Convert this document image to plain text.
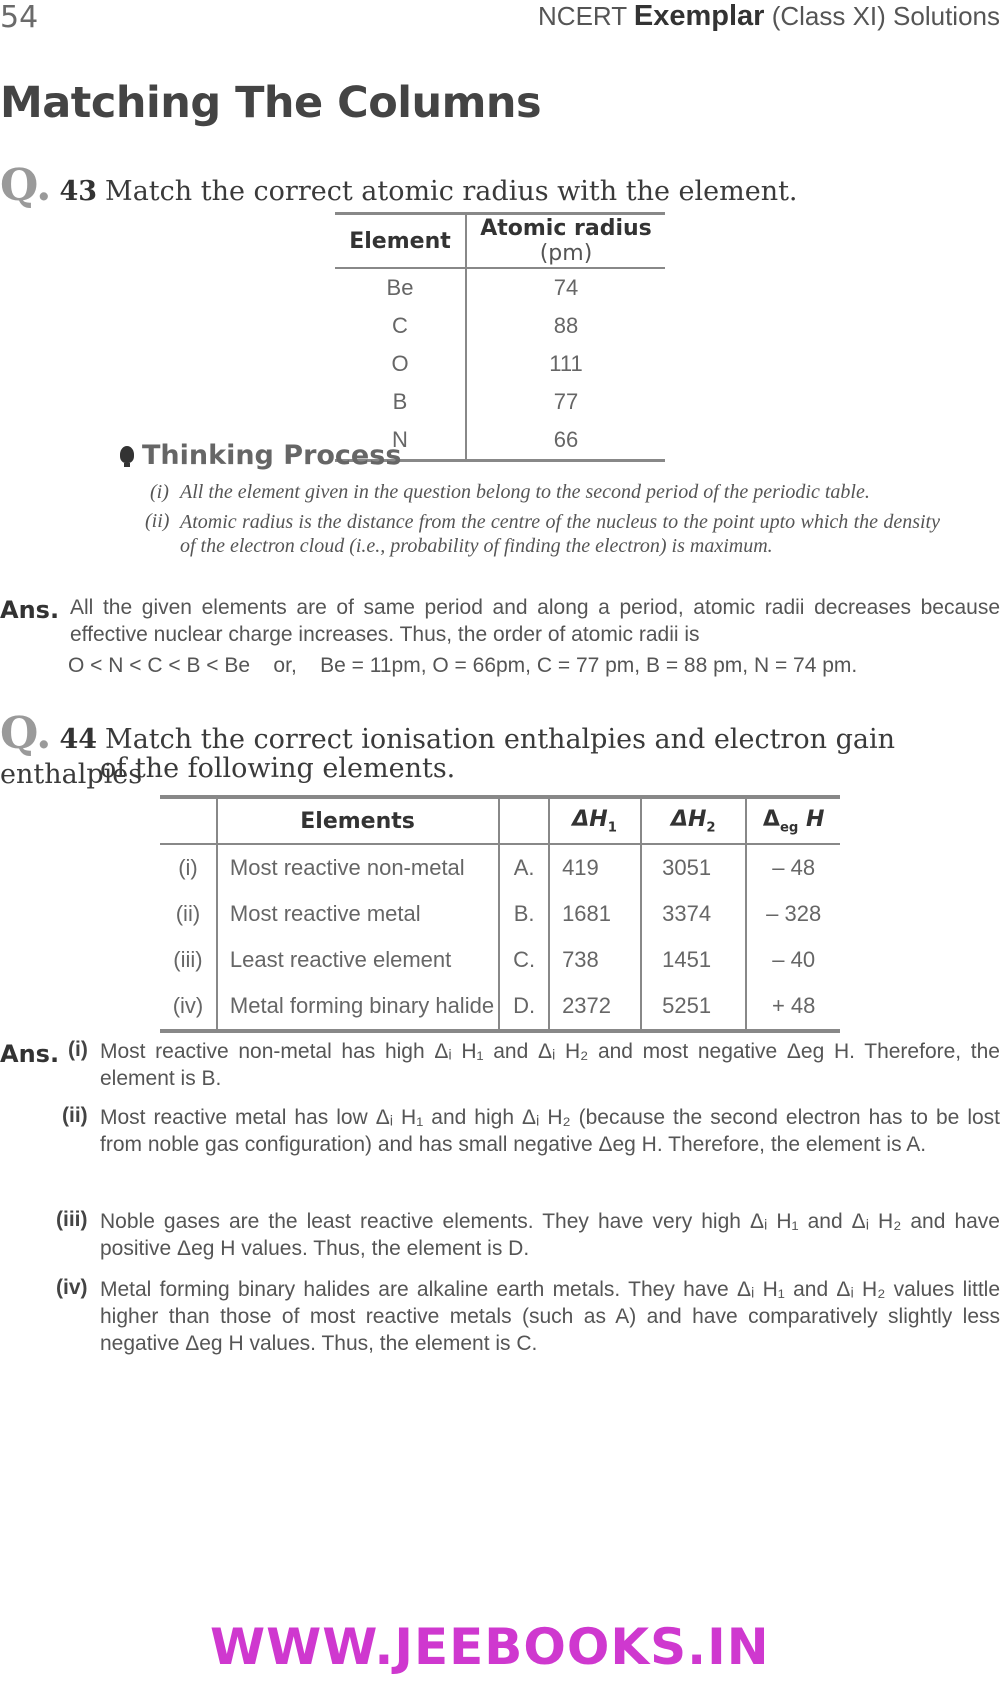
54	NCERT Exemplar (Class XI) Solutions
Matching The Columns
Q. 43 Match the correct atomic radius with the element.
Element	Atomic radius (pm)
Be	74
C	88
O	111
B	77
N	66
Thinking Process
(i) All the element given in the question belong to the second period of the periodic table.
(ii) Atomic radius is the distance from the centre of the nucleus to the point upto which the density of the electron cloud (i.e., probability of finding the electron) is maximum.
Ans. All the given elements are of same period and along a period, atomic radii decreases because effective nuclear charge increases. Thus, the order of atomic radii is
O < N < C < B < Be    or,    Be = 11pm, O = 66pm, C = 77 pm, B = 88 pm, N = 74 pm.
Q. 44 Match the correct ionisation enthalpies and electron gain enthalpies
of the following elements.
	Elements		$\Delta H_1$	$\Delta H_2$	$\Delta_{eg}$ H
(i)	Most reactive non-metal	A.	419	3051	– 48
(ii)	Most reactive metal	B.	1681	3374	– 328
(iii)	Least reactive element	C.	738	1451	– 40
(iv)	Metal forming binary halide	D.	2372	5251	+ 48
Ans. (i) Most reactive non-metal has high Δᵢ H₁ and Δᵢ H₂ and most negative Δeg H. Therefore, the element is B.
(ii) Most reactive metal has low Δᵢ H₁ and high Δᵢ H₂ (because the second electron has to be lost from noble gas configuration) and has small negative Δeg H. Therefore, the element is A.
(iii) Noble gases are the least reactive elements. They have very high Δᵢ H₁ and Δᵢ H₂ and have positive Δeg H values. Thus, the element is D.
(iv) Metal forming binary halides are alkaline earth metals. They have Δᵢ H₁ and Δᵢ H₂ values little higher than those of most reactive metals (such as A) and have comparatively slightly less negative Δeg H values. Thus, the element is C.
WWW.JEEBOOKS.IN
